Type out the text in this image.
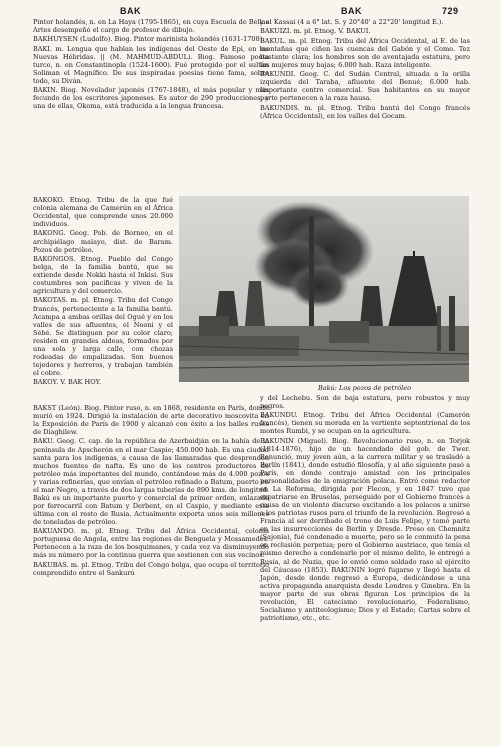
BAK	BAK	729

Pintor holandés, n. en La Haya (1795-1865), en cuya Escuela de Bellas Artes desempeñó el cargo de profesor de dibujo.

BAKHUYSEN (Ludolfo). Biog. Pintor marinista holandés (1631-1708).

BAKI. m. Lengua que hablan los indígenas del Oeste de Epi, en las Nuevas Hébridas. || (M. MAHMUD-ABDUL). Biog. Famoso poeta turco, n. en Constantinopla (1524-1600). Fué protegido por el sultán Soliman el Magnífico. De sus inspiradas poesías tiene fama, sobre todo, su Diván.

BAKIN. Biog. Novelador japonés (1767-1848), el más popular y más fecundo de los escritores japoneses. Es autor de 290 producciones, y una de ellas, Okoma, está traducida a la lengua francesa.

BAKOKO. Etnog. Tribu de la que fué colonia alemana de Camerún en el África Occidental, que comprende unos 20.000 individuos.

BAKONG. Geog. Pob. de Borneo, en el archipiélago malayo, dist. de Baram. Pozos de petróleo.

BAKONGOS. Etnog. Pueblo del Congo belga, de la familia bantú, que se extiende desde Nokki hasta el Inkisi. Sus costumbres son pacíficas y viven de la agricultura y del comercio.

BAKOTAS. m. pl. Etnog. Tribu del Congo francés, perteneciente a la familia bantú. Acampa a ambas orillas del Ogué y en los valles de sus afluentes, el Neoni y el Sébé. Se distinguen por su color claro; residen en grandes aldeas, formados por una sola y larga calle, con chozas rodeadas de empalizadas. Son buenos tejedores y herreros, y trabajan también el cobre.

BAKOY. V. BAK HOY.

BAKST (León). Biog. Pintor ruso, n. en 1868, residente en París, donde murió en 1924. Dirigió la instalación de arte decorativo moscovita en la Exposición de París de 1900 y alcanzó con éxito a los bailes rusos de Diaghilew.

BAKU. Geog. C. cap. de la república de Azerbaidján en la bahía de la península de Apscherón en el mar Caspio; 450.000 hab. Es una ciudad santa para los indígenas, a causa de las llamaradas que desprenden muchos fuentes de nafta. Es uno de los centros productores de petróleo más importantes del mundo, contándose más de 4.000 pozos y varias refinerías, que envían el petróleo refinado a Batum, puerto en el mar Negro, a través de dos largas tuberías de 890 kms. de longitud. Bakú es un importante puerto y comercial de primer orden, enlazado por ferrocarril con Batum y Derbent, en el Caspio, y mediante esta última con el resto de Rusia. Actualmente exporta unos seis millones de toneladas de petróleo.

BAKUANDO. m. pl. Etnog. Tribu del África Occidental, colonia portuguesa de Angola, entre las regiones de Benguela y Mossamedes. Pertenecen a la raza de los bosquimanes, y cada vez va disminuyendo más su número por la continua guerra que sostienen con sus vecinos.

BAKUBAS. m. pl. Etnog. Tribu del Congo belga, que ocupa el territorio comprendido entre el Sankurú

y el Kassai (4 a 6° lat. S. y 20°40' a 22°20' longitud E.).

BAKUIZI. m. pl. Etnog. V. BAKUI.

BAKUL. m. pl. Etnog. Tribu del África Occidental, al E. de las montañas que ciñen las cuencas del Gabón y el Como. Tez bastante clara; los hombres son de aventajada estatura, pero las mujeres muy bajas; 6.000 hab. Raza inteligente.

BAKUNDI. Geog. C. del Sudán Central, situada a la orilla izquierda del Taraba, afluente del Benué; 6.000 hab. Importante centro comercial. Sus habitantes en su mayor parte pertenecen a la raza hausa.

BAKUNDIS. m. pl. Etnog. Tribu bantú del Congo francés (África Occidental), en los valles del Gocam.

Bakú: Los pozos de petróleo

y del Lechebu. Son de baja estatura, pero robustos y muy negros.

BAKUNDU. Etnog. Tribu del África Occidental (Camerón francés), tienen su morada en la vertiente septentrional de los montes Rumbi, y se ocupan en la agricultura.

BAKUNIN (Miguel). Biog. Revolucionario ruso, n. en Torjok (1814-1876), hijo de un hacendado del gob. de Twer. Renunció, muy joven aún, a la carrera militar y se trasladó a Berlín (1841), donde estudió filosofía, y al año siguiente pasó a París, en donde contrajo amistad con los principales personalidades de la emigración polaca. Entró como redactor en La Reforma, dirigida por Flecon, y en 1847 tuvo que expatriarse en Bruselas, perseguido por el Gobierno francés a causa de un violento discurso excitando a los polacos a unirse a los patriotas rusos para el triunfo de la revolución. Regresó a Francia al ser derribado el trono de Luis Felipe, y tomó parte en las insurrecciones de Berlín y Dresde. Preso en Chemnitz (Sajonia), fué condenado a muerte, pero se le conmutó la pena en reclusión perpetua; pero el Gobierno austriaco, que tenía el mismo derecho a condenarle por el mismo delito, le entregó a Rusia, al de Nuzia, que lo envió como soldado raso al ejército del Cáucaso (1853). BAKUNIN logró fugarse y llegó hasta el Japón, desde donde regresó a Europa, dedicándose a una activa propaganda anarquista desde Londres y Ginebra. En la mayor parte de sus obras figuran Los principios de la revolución, El catecismo revolucionario, Federalismo, Socialismo y antiteologismo; Dios y el Estado; Cartas sobre el patriotismo, etc., etc.
